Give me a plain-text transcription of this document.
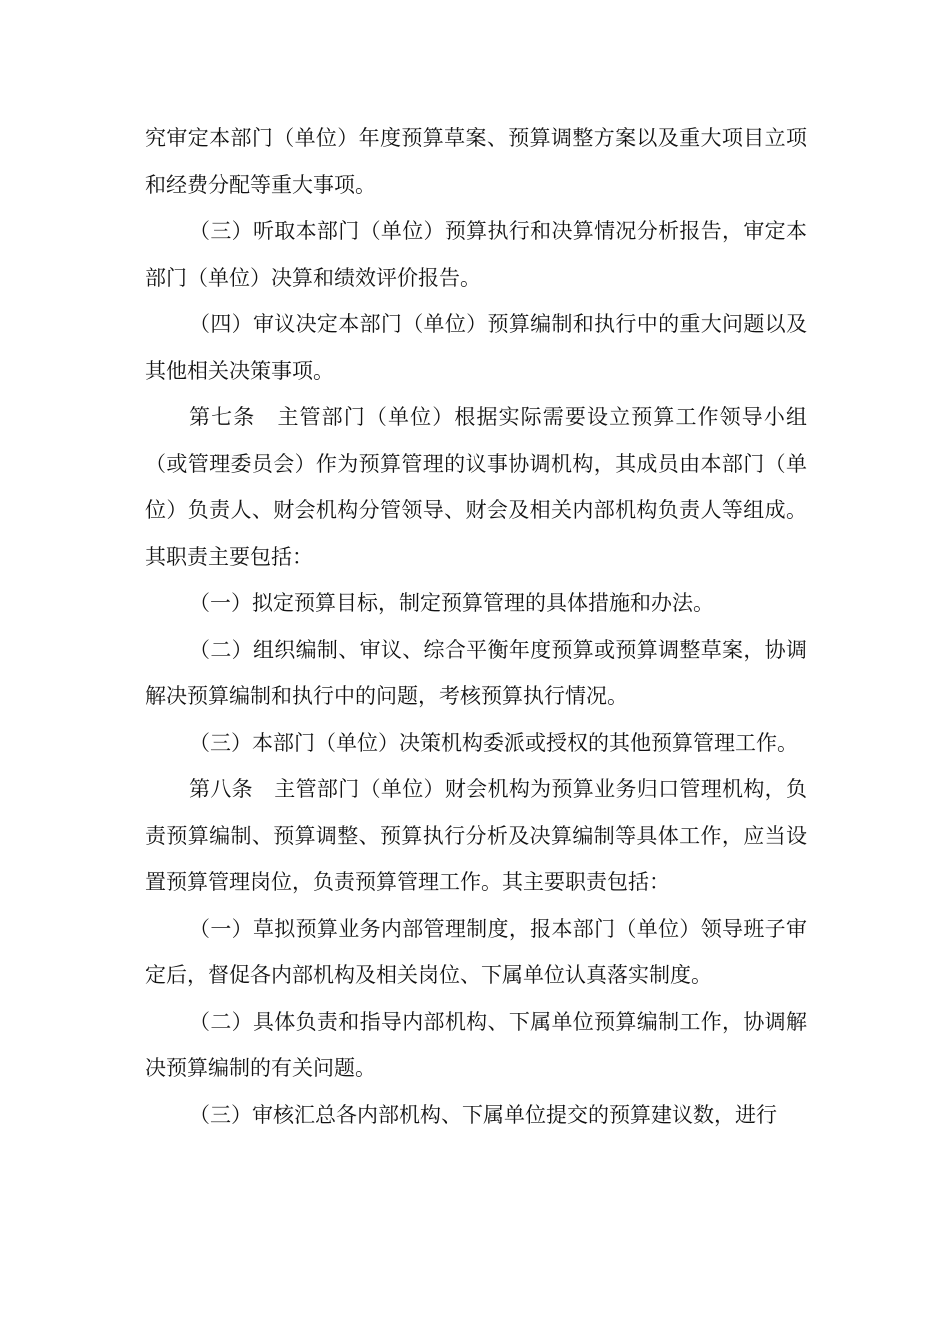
究审定本部门（单位）年度预算草案、预算调整方案以及重大项目立项和经费分配等重大事项。

（三）听取本部门（单位）预算执行和决算情况分析报告，审定本部门（单位）决算和绩效评价报告。

（四）审议决定本部门（单位）预算编制和执行中的重大问题以及其他相关决策事项。

第七条　主管部门（单位）根据实际需要设立预算工作领导小组（或管理委员会）作为预算管理的议事协调机构，其成员由本部门（单位）负责人、财会机构分管领导、财会及相关内部机构负责人等组成。其职责主要包括：

（一）拟定预算目标，制定预算管理的具体措施和办法。

（二）组织编制、审议、综合平衡年度预算或预算调整草案，协调解决预算编制和执行中的问题，考核预算执行情况。

（三）本部门（单位）决策机构委派或授权的其他预算管理工作。

第八条　主管部门（单位）财会机构为预算业务归口管理机构，负责预算编制、预算调整、预算执行分析及决算编制等具体工作，应当设置预算管理岗位，负责预算管理工作。其主要职责包括：

（一）草拟预算业务内部管理制度，报本部门（单位）领导班子审定后，督促各内部机构及相关岗位、下属单位认真落实制度。

（二）具体负责和指导内部机构、下属单位预算编制工作，协调解决预算编制的有关问题。

（三）审核汇总各内部机构、下属单位提交的预算建议数，进行
